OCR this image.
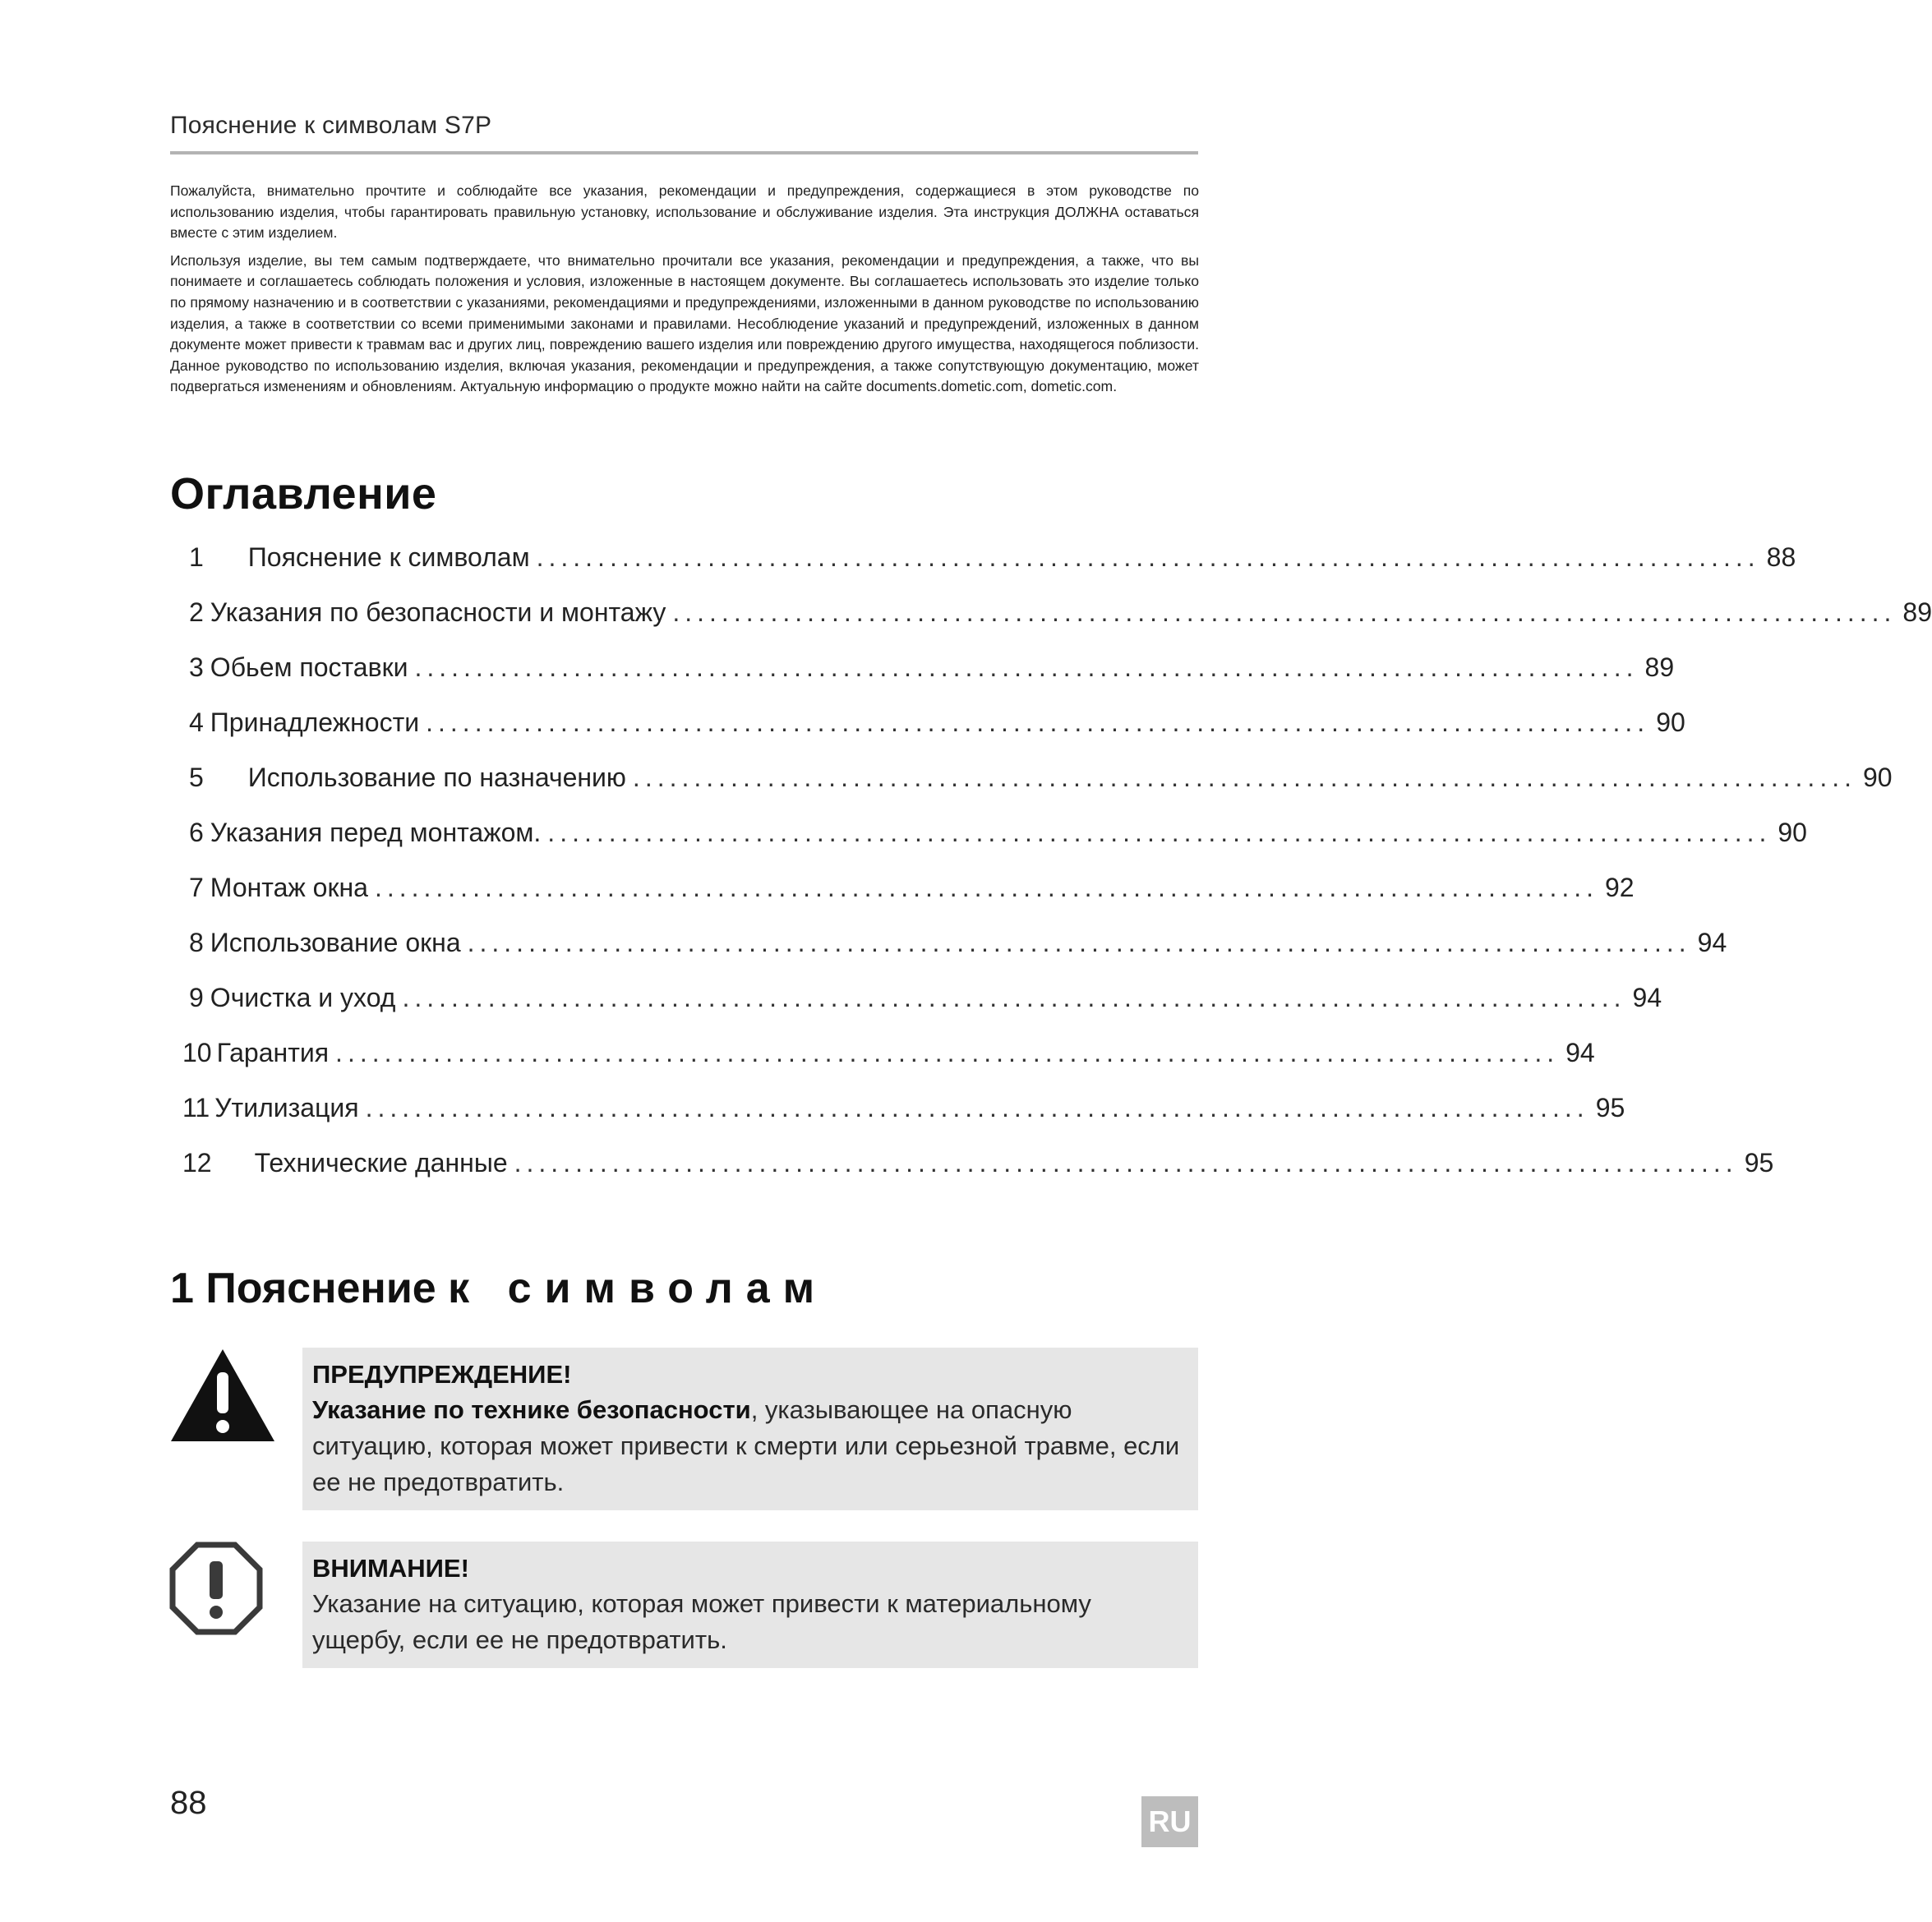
Пояснение к символам S7P

Пожалуйста, внимательно прочтите и соблюдайте все указания, рекомендации и предупреждения, содержащиеся в этом руководстве по использованию изделия, чтобы гарантировать правильную установку, использование и обслуживание изделия. Эта инструкция ДОЛЖНА оставаться вместе с этим изделием.

Используя изделие, вы тем самым подтверждаете, что внимательно прочитали все указания, рекомендации и предупреждения, а также, что вы понимаете и соглашаетесь соблюдать положения и условия, изложенные в настоящем документе. Вы соглашаетесь использовать это изделие только по прямому назначению и в соответствии с указаниями, рекомендациями и предупреждениями, изложенными в данном руководстве по использованию изделия, а также в соответствии со всеми применимыми законами и правилами. Несоблюдение указаний и предупреждений, изложенных в данном документе может привести к травмам вас и других лиц, повреждению вашего изделия или повреждению другого имущества, находящегося поблизости. Данное руководство по использованию изделия, включая указания, рекомендации и предупреждения, а также сопутствующую документацию, может подвергаться изменениям и обновлениям. Актуальную информацию о продукте можно найти на сайте documents.dometic.com, dometic.com.

Оглавление
1 Пояснение к символам .................................................................................................... 88
2 Указания по безопасности и монтажу .................................................................................................... 89
3 Обьем поставки .................................................................................................... 89
4 Принадлежности .................................................................................................... 90
5 Использование по назначению .................................................................................................... 90
6 Указания перед монтажом. .................................................................................................... 90
7 Монтаж окна .................................................................................................... 92
8 Использование окна .................................................................................................... 94
9 Очистка и уход .................................................................................................... 94
10 Гарантия .................................................................................................... 94
11 Утилизация .................................................................................................... 95
12 Технические данные .................................................................................................... 95
1 Пояснение к символам
ПРЕДУПРЕЖДЕНИЕ!
Указание по технике безопасности, указывающее на опасную ситуацию, которая может привести к смерти или серьезной травме, если ее не предотвратить.
ВНИМАНИЕ!
Указание на ситуацию, которая может привести к материальному ущербу, если ее не предотвратить.
88
RU
